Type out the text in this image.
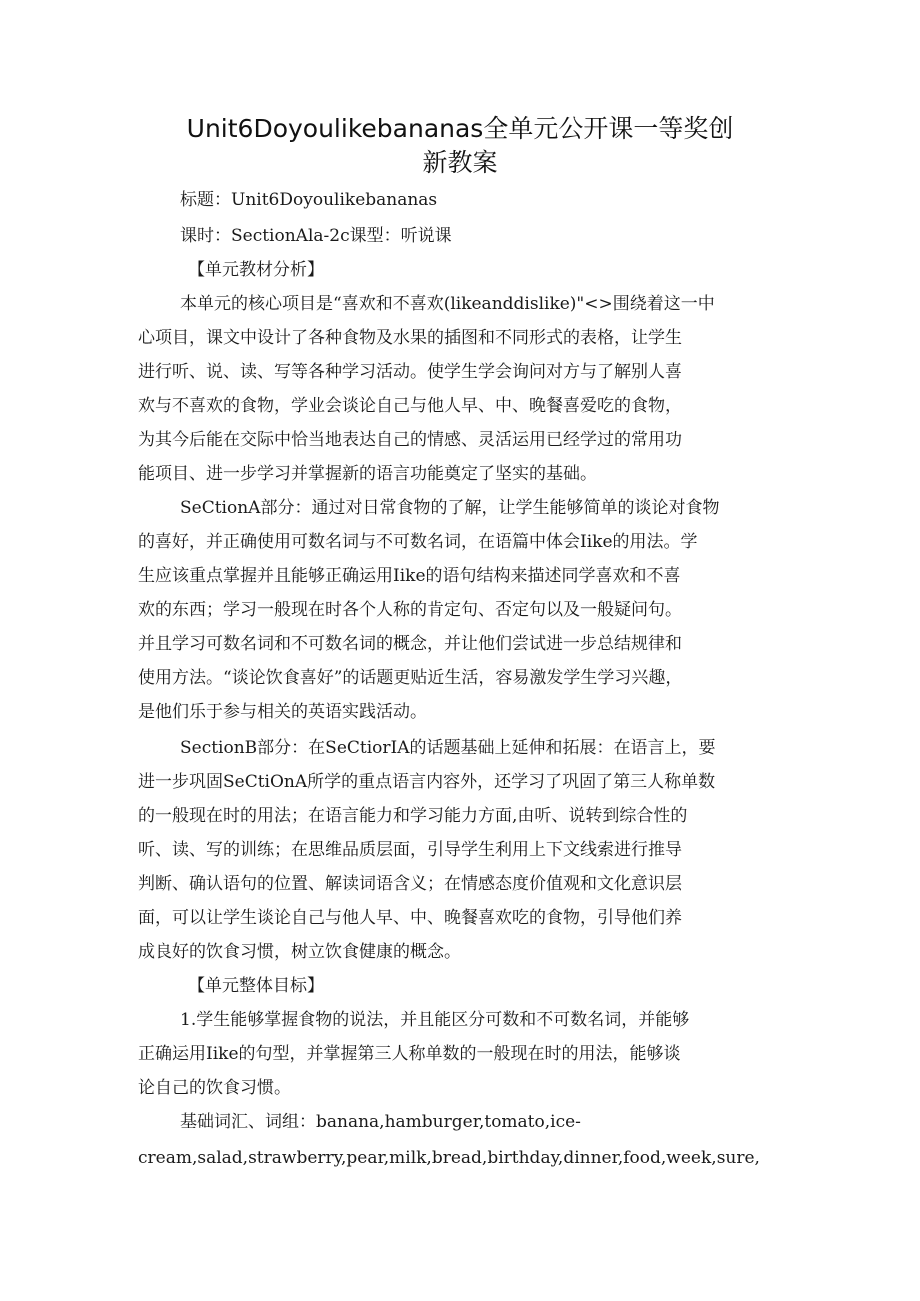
Unit6Doyoulikebananas全单元公开课一等奖创
新教案
标题：Unit6Doyoulikebananas
课时：SectionAla-2c课型：听说课
【单元教材分析】
本单元的核心项目是“喜欢和不喜欢(likeanddislike)"<>围绕着这一中
心项目，课文中设计了各种食物及水果的插图和不同形式的表格，让学生
进行听、说、读、写等各种学习活动。使学生学会询问对方与了解别人喜
欢与不喜欢的食物，学业会谈论自己与他人早、中、晚餐喜爱吃的食物，
为其今后能在交际中恰当地表达自己的情感、灵活运用已经学过的常用功
能项目、进一步学习并掌握新的语言功能奠定了坚实的基础。
SeCtionA部分：通过对日常食物的了解，让学生能够简单的谈论对食物
的喜好，并正确使用可数名词与不可数名词，在语篇中体会Iike的用法。学
生应该重点掌握并且能够正确运用Iike的语句结构来描述同学喜欢和不喜
欢的东西；学习一般现在时各个人称的肯定句、否定句以及一般疑问句。
并且学习可数名词和不可数名词的概念，并让他们尝试进一步总结规律和
使用方法。“谈论饮食喜好”的话题更贴近生活，容易激发学生学习兴趣，
是他们乐于参与相关的英语实践活动。
SectionB部分：在SeCtiorIA的话题基础上延伸和拓展：在语言上，要
进一步巩固SeCtiOnA所学的重点语言内容外，还学习了巩固了第三人称单数
的一般现在时的用法；在语言能力和学习能力方面,由听、说转到综合性的
听、读、写的训练；在思维品质层面，引导学生利用上下文线索进行推导
判断、确认语句的位置、解读词语含义；在情感态度价值观和文化意识层
面，可以让学生谈论自己与他人早、中、晚餐喜欢吃的食物，引导他们养
成良好的饮食习惯，树立饮食健康的概念。
【单元整体目标】
1.学生能够掌握食物的说法，并且能区分可数和不可数名词，并能够
正确运用Iike的句型，并掌握第三人称单数的一般现在时的用法，能够谈
论自己的饮食习惯。
基础词汇、词组：banana,hamburger,tomato,ice-
cream,salad,strawberry,pear,milk,bread,birthday,dinner,food,week,sure,
